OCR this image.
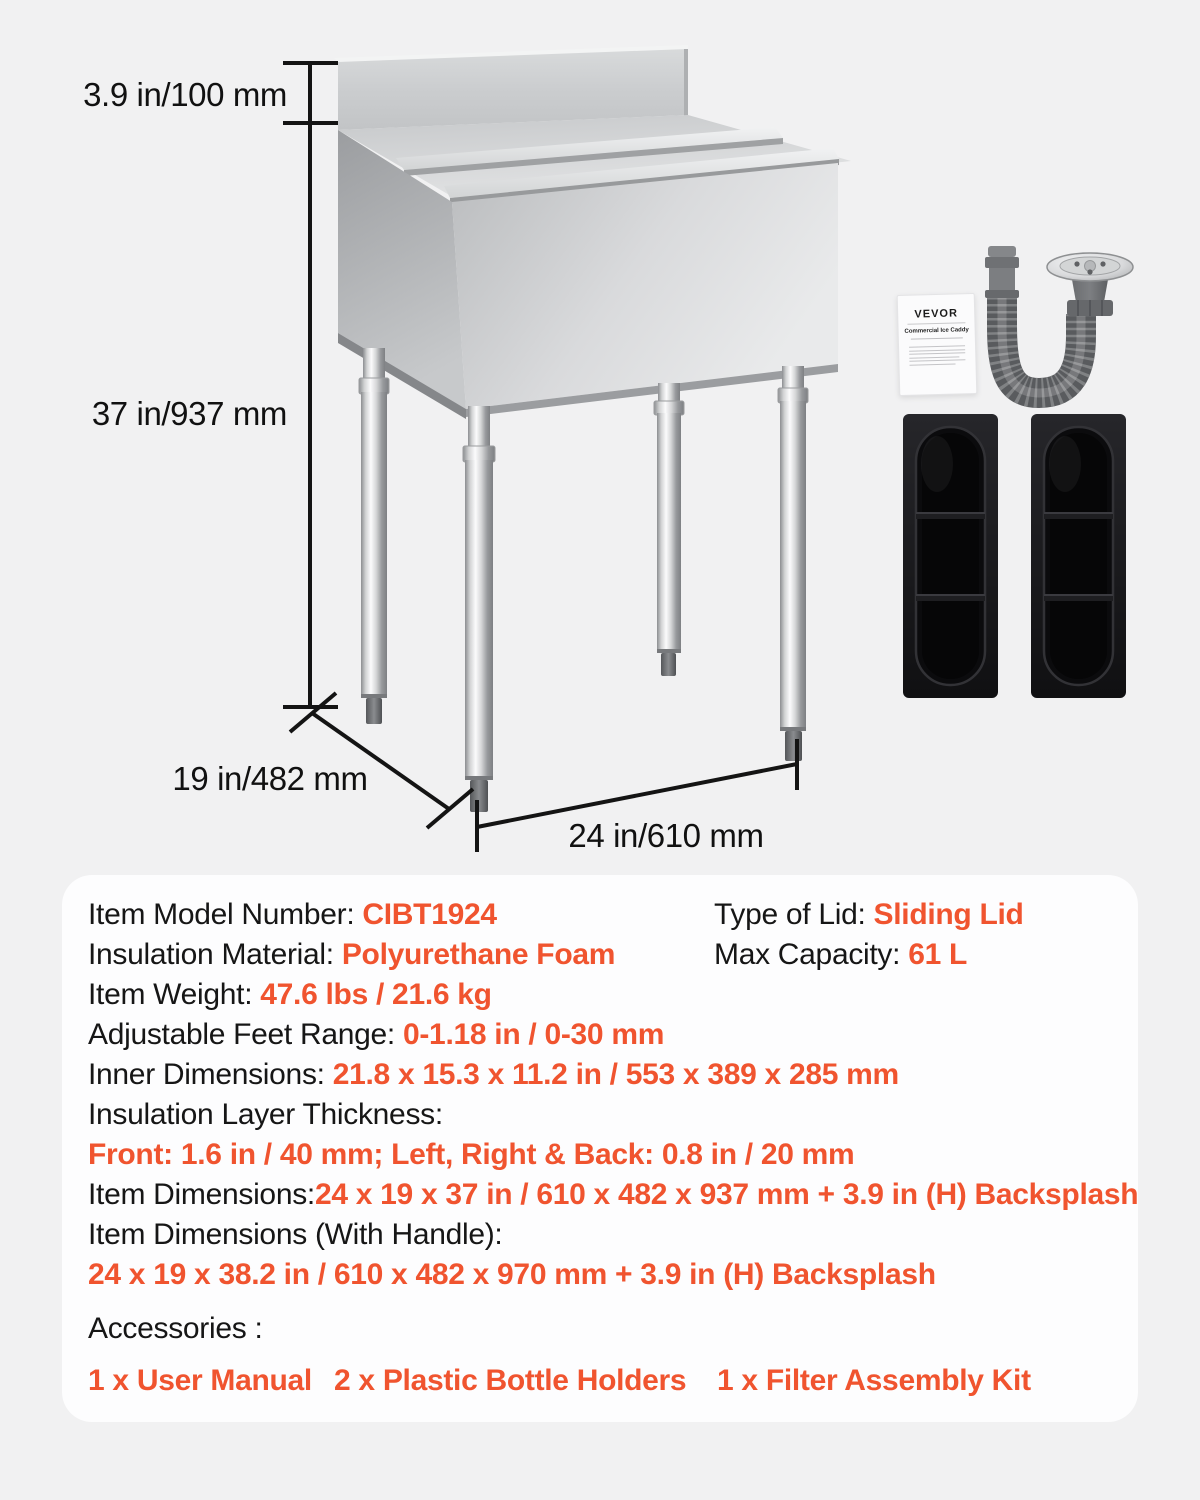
3.9 in/100 mm
37 in/937 mm
19 in/482 mm
24 in/610 mm
VEVOR
Commercial Ice Caddy
Item Model Number: CIBT1924	Type of Lid: Sliding Lid
Insulation Material: Polyurethane Foam	Max Capacity: 61 L
Item Weight: 47.6 lbs / 21.6 kg
Adjustable Feet Range: 0-1.18 in / 0-30 mm
Inner Dimensions: 21.8 x 15.3 x 11.2 in / 553 x 389 x 285 mm
Insulation Layer Thickness:
Front: 1.6 in / 40 mm; Left, Right & Back: 0.8 in / 20 mm
Item Dimensions:24 x 19 x 37 in / 610 x 482 x 937 mm + 3.9 in (H) Backsplash
Item Dimensions (With Handle):
24 x 19 x 38.2 in / 610 x 482 x 970 mm + 3.9 in (H) Backsplash
Accessories :
1 x User Manual 2 x Plastic Bottle Holders 1 x Filter Assembly Kit
